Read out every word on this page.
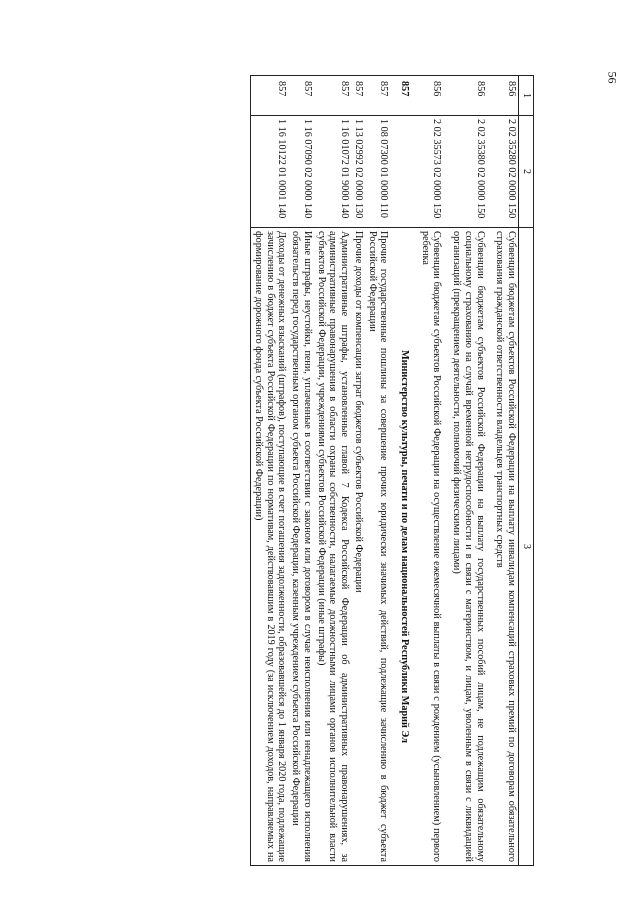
56
1	2	3
856	2 02 35280 02 0000 150	Субвенции бюджетам субъектов Российской Федерации на выплату инвалидам компенсаций страховых премий по договорам обязательного страхования гражданской ответственности владельцев транспортных средств

856	2 02 35380 02 0000 150	Субвенции бюджетам субъектов Российской Федерации на выплату государственных пособий лицам, не подлежащим обязательному социальному страхованию на случай временной нетрудоспособности и в связи с материнством, и лицам, уволенным в связи с ликвидацией организаций (прекращением деятельности, полномочий физическими лицами)

856	2 02 35573 02 0000 150	Субвенции бюджетам субъектов Российской Федерации на осуществление ежемесячной выплаты в связи с рождением (усыновлением) первого ребенка
857		Министерство культуры, печати и по делам национальностей Республики Марий Эл
857	1 08 07300 01 0000 110	Прочие государственные пошлины за совершение прочих юридически значимых действий, подлежащие зачислению в бюджет субъекта Российской Федерации
857	1 13 02992 02 0000 130	Прочие доходы от компенсации затрат бюджетов субъектов Российской Федерации
857	1 16 01072 01 9000 140	Административные штрафы, установленные главой 7 Кодекса Российской Федерации об административных правонарушениях, за административные правонарушения в области охраны собственности, налагаемые должностными лицами органов исполнительной власти субъектов Российской Федерации, учреждениями субъектов Российской Федерации (иные штрафы)
857	1 16 07090 02 0000 140	Иные штрафы, неустойки, пени, уплаченные в соответствии с законом или договором в случае неисполнения или ненадлежащего исполнения обязательств перед государственным органом субъекта Российской Федерации, казенным учреждением субъекта Российской Федерации
857	1 16 10122 01 0001 140	Доходы от денежных взысканий (штрафов), поступающие в счет погашения задолженности, образовавшейся до 1 января 2020 года, подлежащие зачислению в бюджет субъекта Российской Федерации по нормативам, действовавшим в 2019 году (за исключением доходов, направляемых на формирование дорожного фонда субъекта Российской Федерации)
